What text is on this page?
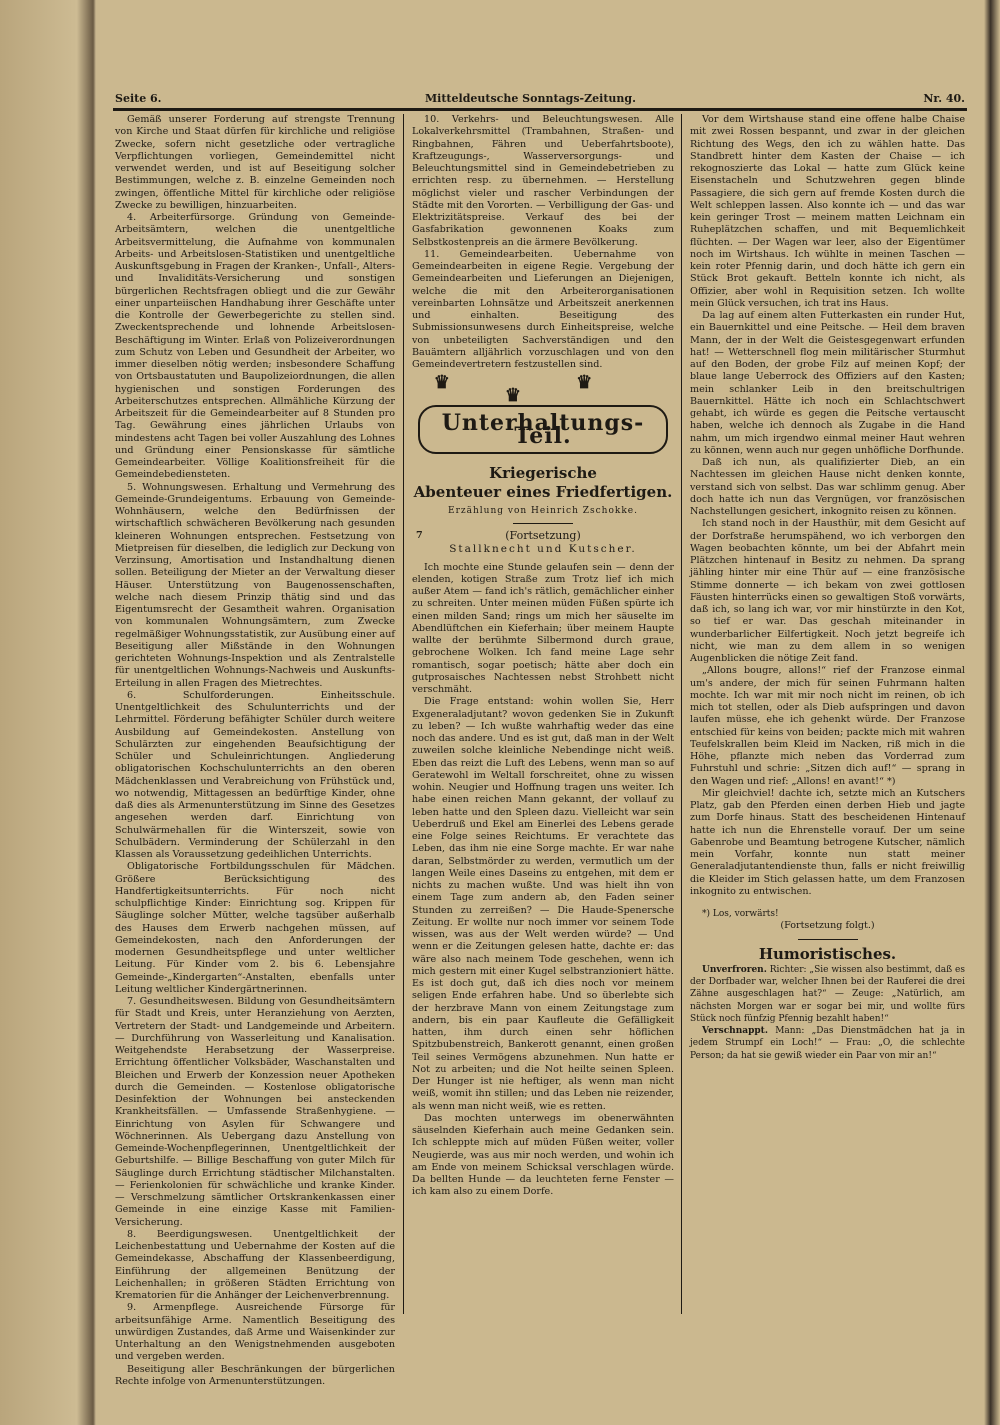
Seite 6.	Mitteldeutsche Sonntags-Zeitung.	Nr. 40.

Gemäß unserer Forderung auf strengste Trennung von Kirche und Staat dürfen für kirchliche und religiöse Zwecke, sofern nicht gesetzliche oder vertragliche Verpflichtungen vorliegen, Gemeindemittel nicht verwendet werden, und ist auf Beseitigung solcher Bestimmungen, welche z. B. einzelne Gemeinden noch zwingen, öffentliche Mittel für kirchliche oder religiöse Zwecke zu bewilligen, hinzuarbeiten.

4. Arbeiterfürsorge. Gründung von Gemeinde-Arbeitsämtern, welchen die unentgeltliche Arbeitsvermittelung, die Aufnahme von kommunalen Arbeits- und Arbeitslosen-Statistiken und unentgeltliche Auskunftsgebung in Fragen der Kranken-, Unfall-, Alters- und Invaliditäts-Versicherung und sonstigen bürgerlichen Rechtsfragen obliegt und die zur Gewähr einer unparteiischen Handhabung ihrer Geschäfte unter die Kontrolle der Gewerbegerichte zu stellen sind. Zweckentsprechende und lohnende Arbeitslosen-Beschäftigung im Winter. Erlaß von Polizeiverordnungen zum Schutz von Leben und Gesundheit der Arbeiter, wo immer dieselben nötig werden; insbesondere Schaffung von Ortsbaustatuten und Baupolizeiordnungen, die allen hygienischen und sonstigen Forderungen des Arbeiterschutzes entsprechen. Allmähliche Kürzung der Arbeitszeit für die Gemeindearbeiter auf 8 Stunden pro Tag. Gewährung eines jährlichen Urlaubs von mindestens acht Tagen bei voller Auszahlung des Lohnes und Gründung einer Pensionskasse für sämtliche Gemeindearbeiter. Völlige Koalitionsfreiheit für die Gemeindebediensteten.

5. Wohnungswesen. Erhaltung und Vermehrung des Gemeinde-Grundeigentums. Erbauung von Gemeinde-Wohnhäusern, welche den Bedürfnissen der wirtschaftlich schwächeren Bevölkerung nach gesunden kleineren Wohnungen entsprechen. Festsetzung von Mietpreisen für dieselben, die lediglich zur Deckung von Verzinsung, Amortisation und Instandhaltung dienen sollen. Beteiligung der Mieter an der Verwaltung dieser Häuser. Unterstützung von Baugenossenschaften, welche nach diesem Prinzip thätig sind und das Eigentumsrecht der Gesamtheit wahren. Organisation von kommunalen Wohnungsämtern, zum Zwecke regelmäßiger Wohnungsstatistik, zur Ausübung einer auf Beseitigung aller Mißstände in den Wohnungen gerichteten Wohnungs-Inspektion und als Zentralstelle für unentgeltlichen Wohnungs-Nachweis und Auskunfts-Erteilung in allen Fragen des Mietrechtes.

6. Schulforderungen. Einheitsschule. Unentgeltlichkeit des Schulunterrichts und der Lehrmittel. Förderung befähigter Schüler durch weitere Ausbildung auf Gemeindekosten. Anstellung von Schulärzten zur eingehenden Beaufsichtigung der Schüler und Schuleinrichtungen. Angliederung obligatorischen Kochschulunterrichts an den oberen Mädchenklassen und Verabreichung von Frühstück und, wo notwendig, Mittagessen an bedürftige Kinder, ohne daß dies als Armenunterstützung im Sinne des Gesetzes angesehen werden darf. Einrichtung von Schulwärmehallen für die Winterszeit, sowie von Schulbädern. Verminderung der Schülerzahl in den Klassen als Voraussetzung gedeihlichen Unterrichts.

Obligatorische Fortbildungsschulen für Mädchen. Größere Berücksichtigung des Handfertigkeitsunterrichts. Für noch nicht schulpflichtige Kinder: Einrichtung sog. Krippen für Säuglinge solcher Mütter, welche tagsüber außerhalb des Hauses dem Erwerb nachgehen müssen, auf Gemeindekosten, nach den Anforderungen der modernen Gesundheitspflege und unter weltlicher Leitung. Für Kinder vom 2. bis 6. Lebensjahre Gemeinde-„Kindergarten“-Anstalten, ebenfalls unter Leitung weltlicher Kindergärtnerinnen.

7. Gesundheitswesen. Bildung von Gesundheitsämtern für Stadt und Kreis, unter Heranziehung von Aerzten, Vertretern der Stadt- und Landgemeinde und Arbeitern. — Durchführung von Wasserleitung und Kanalisation. Weitgehendste Herabsetzung der Wasserpreise. Errichtung öffentlicher Volksbäder, Waschanstalten und Bleichen und Erwerb der Konzession neuer Apotheken durch die Gemeinden. — Kostenlose obligatorische Desinfektion der Wohnungen bei ansteckenden Krankheitsfällen. — Umfassende Straßenhygiene. — Einrichtung von Asylen für Schwangere und Wöchnerinnen. Als Uebergang dazu Anstellung von Gemeinde-Wochenpflegerinnen, Unentgeltlichkeit der Geburtshilfe. — Billige Beschaffung von guter Milch für Säuglinge durch Errichtung städtischer Milchanstalten. — Ferienkolonien für schwächliche und kranke Kinder. — Verschmelzung sämtlicher Ortskrankenkassen einer Gemeinde in eine einzige Kasse mit Familien-Versicherung.

8. Beerdigungswesen. Unentgeltlichkeit der Leichenbestattung und Uebernahme der Kosten auf die Gemeindekasse, Abschaffung der Klassenbeerdigung, Einführung der allgemeinen Benützung der Leichenhallen; in größeren Städten Errichtung von Krematorien für die Anhänger der Leichenverbrennung.

9. Armenpflege. Ausreichende Fürsorge für arbeitsunfähige Arme. Namentlich Beseitigung des unwürdigen Zustandes, daß Arme und Waisenkinder zur Unterhaltung an den Wenigstnehmenden ausgeboten und vergeben werden.

Beseitigung aller Beschränkungen der bürgerlichen Rechte infolge von Armenunterstützungen.

10. Verkehrs- und Beleuchtungswesen. Alle Lokalverkehrsmittel (Trambahnen, Straßen- und Ringbahnen, Fähren und Ueberfahrtsboote), Kraftzeugungs-, Wasserversorgungs- und Beleuchtungsmittel sind in Gemeindebetrieben zu errichten resp. zu übernehmen. — Herstellung möglichst vieler und rascher Verbindungen der Städte mit den Vororten. — Verbilligung der Gas- und Elektrizitätspreise. Verkauf des bei der Gasfabrikation gewonnenen Koaks zum Selbstkostenpreis an die ärmere Bevölkerung.

11. Gemeindearbeiten. Uebernahme von Gemeindearbeiten in eigene Regie. Vergebung der Gemeindearbeiten und Lieferungen an Diejenigen, welche die mit den Arbeiterorganisationen vereinbarten Lohnsätze und Arbeitszeit anerkennen und einhalten. Beseitigung des Submissionsunwesens durch Einheitspreise, welche von unbeteiligten Sachverständigen und den Bauämtern alljährlich vorzuschlagen und von den Gemeindevertretern festzustellen sind.

♛ ♛ ♛ Unterhaltungs-Teil.
Kriegerische
Abenteuer eines Friedfertigen.
Erzählung von Heinrich Zschokke.
7	(Fortsetzung)
Stallknecht und Kutscher.

Ich mochte eine Stunde gelaufen sein — denn der elenden, kotigen Straße zum Trotz lief ich mich außer Atem — fand ich's rätlich, gemächlicher einher zu schreiten. Unter meinen müden Füßen spürte ich einen milden Sand; rings um mich her säuselte im Abendlüftchen ein Kieferhain; über meinem Haupte wallte der berühmte Silbermond durch graue, gebrochene Wolken. Ich fand meine Lage sehr romantisch, sogar poetisch; hätte aber doch ein gutprosaisches Nachtessen nebst Strohbett nicht verschmäht.

Die Frage entstand: wohin wollen Sie, Herr Exgeneraladjutant? wovon gedenken Sie in Zukunft zu leben? — Ich wußte wahrhaftig weder das eine noch das andere. Und es ist gut, daß man in der Welt zuweilen solche kleinliche Nebendinge nicht weiß. Eben das reizt die Luft des Lebens, wenn man so auf Geratewohl im Weltall forschreitet, ohne zu wissen wohin. Neugier und Hoffnung tragen uns weiter. Ich habe einen reichen Mann gekannt, der vollauf zu leben hatte und den Spleen dazu. Vielleicht war sein Ueberdruß und Ekel am Einerlei des Lebens gerade eine Folge seines Reichtums. Er verachtete das Leben, das ihm nie eine Sorge machte. Er war nahe daran, Selbstmörder zu werden, vermutlich um der langen Weile eines Daseins zu entgehen, mit dem er nichts zu machen wußte. Und was hielt ihn von einem Tage zum andern ab, den Faden seiner Stunden zu zerreißen? — Die Haude-Spenersche Zeitung. Er wollte nur noch immer vor seinem Tode wissen, was aus der Welt werden würde? — Und wenn er die Zeitungen gelesen hatte, dachte er: das wäre also nach meinem Tode geschehen, wenn ich mich gestern mit einer Kugel selbstranzioniert hätte. Es ist doch gut, daß ich dies noch vor meinem seligen Ende erfahren habe. Und so überlebte sich der herzbrave Mann von einem Zeitungstage zum andern, bis ein paar Kaufleute die Gefälligkeit hatten, ihm durch einen sehr höflichen Spitzbubenstreich, Bankerott genannt, einen großen Teil seines Vermögens abzunehmen. Nun hatte er Not zu arbeiten; und die Not heilte seinen Spleen. Der Hunger ist nie heftiger, als wenn man nicht weiß, womit ihn stillen; und das Leben nie reizender, als wenn man nicht weiß, wie es retten.

Das mochten unterwegs im obenerwähnten säuselnden Kieferhain auch meine Gedanken sein. Ich schleppte mich auf müden Füßen weiter, voller Neugierde, was aus mir noch werden, und wohin ich am Ende von meinem Schicksal verschlagen würde. Da bellten Hunde — da leuchteten ferne Fenster — ich kam also zu einem Dorfe.

Vor dem Wirtshause stand eine offene halbe Chaise mit zwei Rossen bespannt, und zwar in der gleichen Richtung des Wegs, den ich zu wählen hatte. Das Standbrett hinter dem Kasten der Chaise — ich rekognoszierte das Lokal — hatte zum Glück keine Eisenstacheln und Schutzwehren gegen blinde Passagiere, die sich gern auf fremde Kosten durch die Welt schleppen lassen. Also konnte ich — und das war kein geringer Trost — meinem matten Leichnam ein Ruheplätzchen schaffen, und mit Bequemlichkeit flüchten. — Der Wagen war leer, also der Eigentümer noch im Wirtshaus. Ich wühlte in meinen Taschen — kein roter Pfennig darin, und doch hätte ich gern ein Stück Brot gekauft. Betteln konnte ich nicht, als Offizier, aber wohl in Requisition setzen. Ich wollte mein Glück versuchen, ich trat ins Haus.

Da lag auf einem alten Futterkasten ein runder Hut, ein Bauernkittel und eine Peitsche. — Heil dem braven Mann, der in der Welt die Geistesgegenwart erfunden hat! — Wetterschnell flog mein militärischer Sturmhut auf den Boden, der grobe Filz auf meinen Kopf; der blaue lange Ueberrock des Offiziers auf den Kasten; mein schlanker Leib in den breitschultrigen Bauernkittel. Hätte ich noch ein Schlachtschwert gehabt, ich würde es gegen die Peitsche vertauscht haben, welche ich dennoch als Zugabe in die Hand nahm, um mich irgendwo einmal meiner Haut wehren zu können, wenn auch nur gegen unhöfliche Dorfhunde.

Daß ich nun, als qualifizierter Dieb, an ein Nachtessen im gleichen Hause nicht denken konnte, verstand sich von selbst. Das war schlimm genug. Aber doch hatte ich nun das Vergnügen, vor französischen Nachstellungen gesichert, inkognito reisen zu können.

Ich stand noch in der Hausthür, mit dem Gesicht auf der Dorfstraße herumspähend, wo ich verborgen den Wagen beobachten könnte, um bei der Abfahrt mein Plätzchen hintenauf in Besitz zu nehmen. Da sprang jähling hinter mir eine Thür auf — eine französische Stimme donnerte — ich bekam von zwei gottlosen Fäusten hinterrücks einen so gewaltigen Stoß vorwärts, daß ich, so lang ich war, vor mir hinstürzte in den Kot, so tief er war. Das geschah miteinander in wunderbarlicher Eilfertigkeit. Noch jetzt begreife ich nicht, wie man zu dem allem in so wenigen Augenblicken die nötige Zeit fand.

„Allons bougre, allons!“ rief der Franzose einmal um's andere, der mich für seinen Fuhrmann halten mochte. Ich war mit mir noch nicht im reinen, ob ich mich tot stellen, oder als Dieb aufspringen und davon laufen müsse, ehe ich gehenkt würde. Der Franzose entschied für keins von beiden; packte mich mit wahren Teufelskrallen beim Kleid im Nacken, riß mich in die Höhe, pflanzte mich neben das Vorderrad zum Fuhrstuhl und schrie: „Sitzen dich auf!“ — sprang in den Wagen und rief: „Allons! en avant!“ *)

Mir gleichviel! dachte ich, setzte mich an Kutschers Platz, gab den Pferden einen derben Hieb und jagte zum Dorfe hinaus. Statt des bescheidenen Hintenauf hatte ich nun die Ehrenstelle vorauf. Der um seine Gabenrobe und Beamtung betrogene Kutscher, nämlich mein Vorfahr, konnte nun statt meiner Generaladjutantendienste thun, falls er nicht freiwillig die Kleider im Stich gelassen hatte, um dem Franzosen inkognito zu entwischen.

*) Los, vorwärts!

(Fortsetzung folgt.)

Humoristisches.

Unverfroren. Richter: „Sie wissen also bestimmt, daß es der Dorfbader war, welcher Ihnen bei der Rauferei die drei Zähne ausgeschlagen hat?“ — Zeuge: „Natürlich, am nächsten Morgen war er sogar bei mir, und wollte fürs Stück noch fünfzig Pfennig bezahlt haben!“

Verschnappt. Mann: „Das Dienstmädchen hat ja in jedem Strumpf ein Loch!“ — Frau: „O, die schlechte Person; da hat sie gewiß wieder ein Paar von mir an!“
